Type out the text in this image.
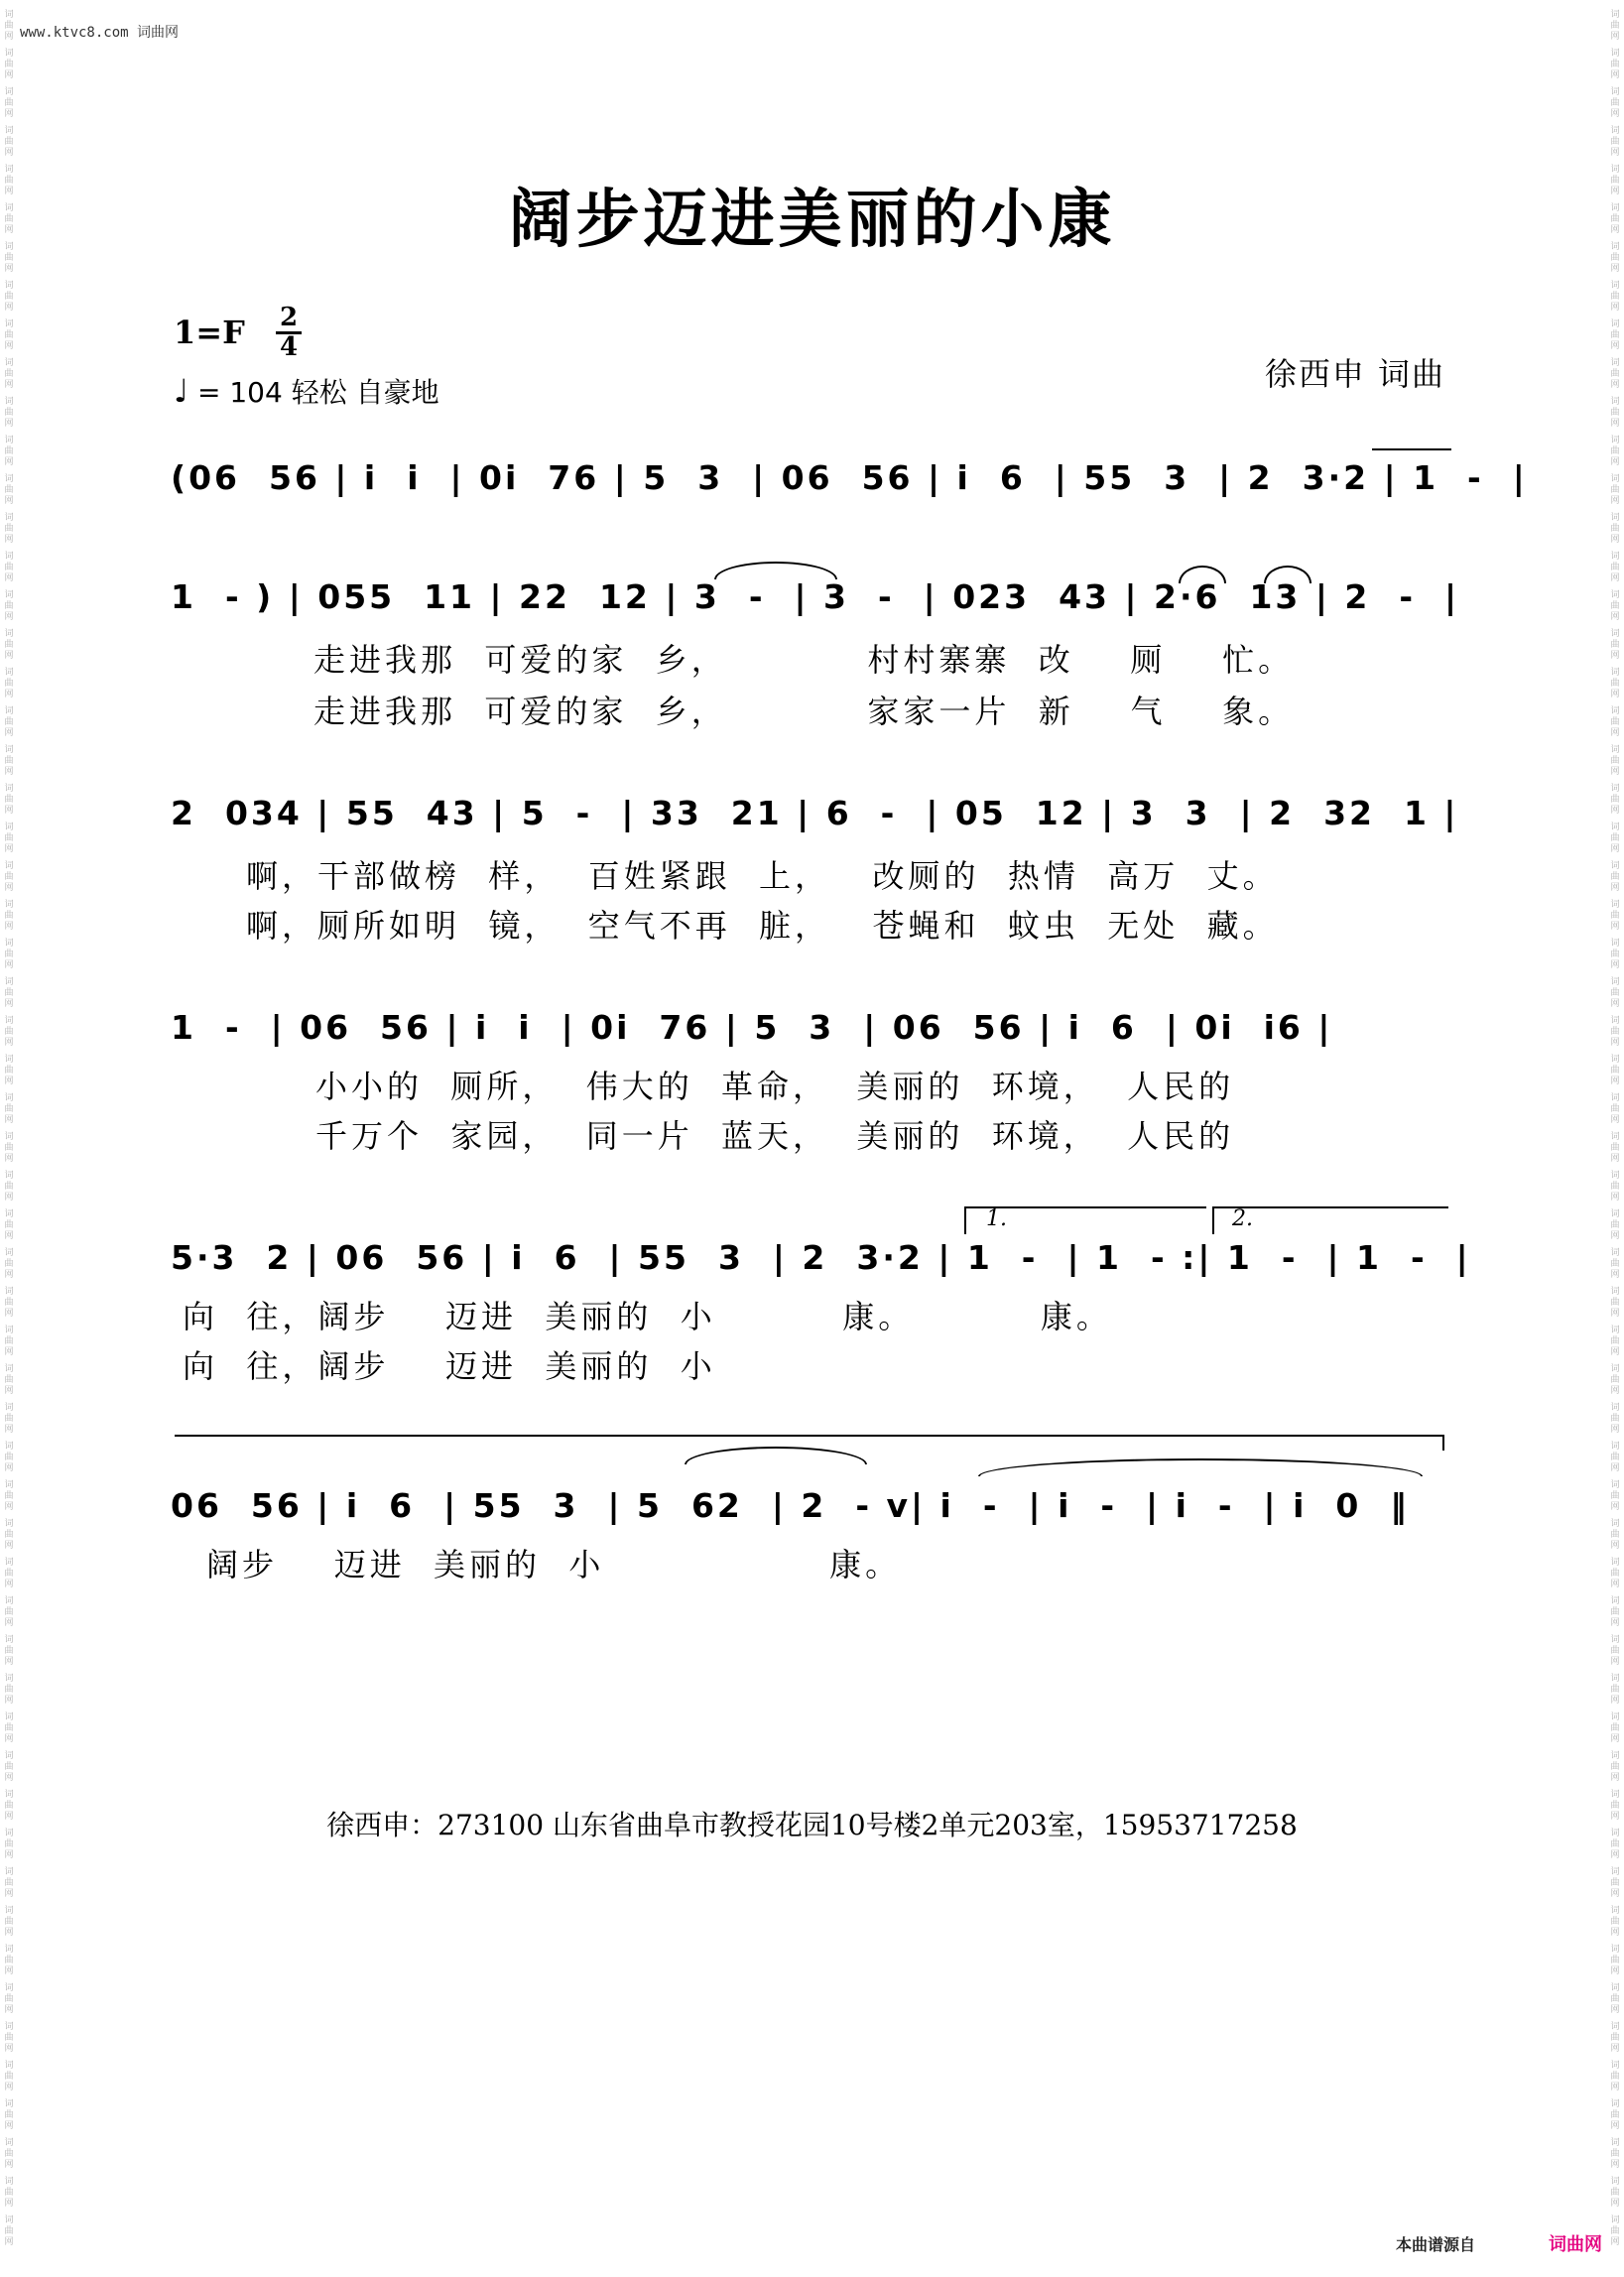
www.ktvc8.com 词曲网
词曲网
词曲网
词曲网
词曲网
词曲网
词曲网
词曲网
词曲网
词曲网
词曲网
词曲网
词曲网
词曲网
词曲网
词曲网
词曲网
词曲网
词曲网
词曲网
词曲网
词曲网
词曲网
词曲网
词曲网
词曲网
词曲网
词曲网
词曲网
词曲网
词曲网
词曲网
词曲网
词曲网
词曲网
词曲网
词曲网
词曲网
词曲网
词曲网
词曲网
词曲网
词曲网
词曲网
词曲网
词曲网
词曲网
词曲网
词曲网
词曲网
词曲网
词曲网
词曲网
词曲网
词曲网
词曲网
词曲网
词曲网
词曲网
词曲网
词曲网
词曲网
词曲网
词曲网
词曲网
词曲网
词曲网
词曲网
词曲网
词曲网
词曲网
词曲网
词曲网
词曲网
词曲网
词曲网
词曲网
词曲网
词曲网
词曲网
词曲网
词曲网
词曲网
词曲网
词曲网
词曲网
词曲网
词曲网
词曲网
词曲网
词曲网
词曲网
词曲网
词曲网
词曲网
词曲网
词曲网
词曲网
词曲网
词曲网
词曲网
词曲网
词曲网
词曲网
词曲网
词曲网
词曲网
词曲网
词曲网
词曲网
词曲网
词曲网
词曲网
词曲网
词曲网
词曲网
词曲网
阔步迈进美丽的小康
1=F 2
4
♩ = 104 轻松 自豪地	徐西申 词曲
(06  56 | i  i  | 0i  76 | 5  3  | 06  56 | i  6  | 55  3  | 2  3·2 | 1  -  |
1  - ) | 055  11 | 22  12 | 3  -  | 3  -  | 023  43 | 2·6  13 | 2  -  |
走进我那  可爱的家  乡，          村村寨寨  改    厕    忙。
走进我那  可爱的家  乡，          家家一片  新    气    象。
2  034 | 55  43 | 5  -  | 33  21 | 6  -  | 05  12 | 3  3  | 2  32  1 |
啊，干部做榜  样，  百姓紧跟  上，   改厕的  热情  高万  丈。
啊，厕所如明  镜，  空气不再  脏，   苍蝇和  蚊虫  无处  藏。
1  -  | 06  56 | i  i  | 0i  76 | 5  3  | 06  56 | i  6  | 0i  i6 |
小小的  厕所，  伟大的  革命，  美丽的  环境，  人民的
千万个  家园，  同一片  蓝天，  美丽的  环境，  人民的
1.	2.
5·3  2 | 06  56 | i  6  | 55  3  | 2  3·2 | 1  -  | 1  - :| 1  -  | 1  -  |
向  往，阔步    迈进  美丽的  小         康。         康。
向  往，阔步    迈进  美丽的  小
06  56 | i  6  | 55  3  | 5  62  | 2  - v| i  -  | i  -  | i  -  | i  0  ‖
阔步    迈进  美丽的  小                康。
徐西申：273100 山东省曲阜市教授花园10号楼2单元203室，15953717258
本曲谱源自	词曲网
